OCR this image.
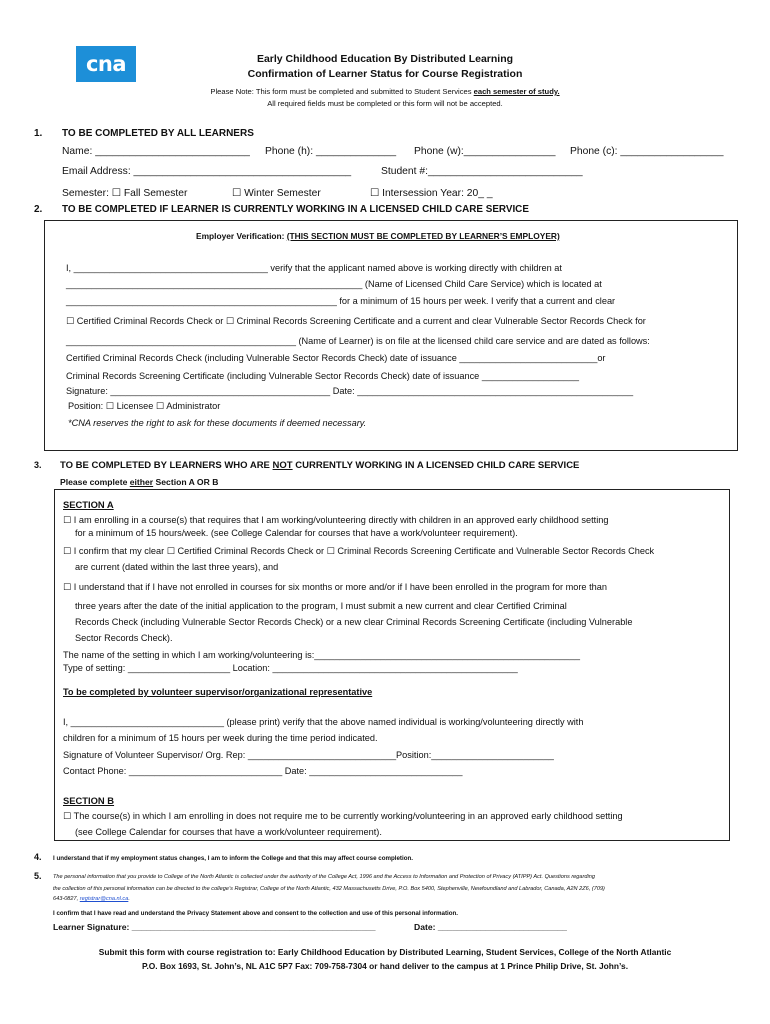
cna	Early Childhood Education By Distributed Learning
Confirmation of Learner Status for Course Registration
Please Note: This form must be completed and submitted to Student Services each semester of study.
All required fields must be completed or this form will not be accepted.
1. TO BE COMPLETED BY ALL LEARNERS
Name: ___________________________ Phone (h): ______________ Phone (w):________________ Phone (c): __________________
Email Address: ______________________________________	Student #:___________________________
Semester: ☐ Fall Semester	☐ Winter Semester	☐ Intersession Year: 20_ _
2. TO BE COMPLETED IF LEARNER IS CURRENTLY WORKING IN A LICENSED CHILD CARE SERVICE
Employer Verification: (THIS SECTION MUST BE COMPLETED BY LEARNER’S EMPLOYER)
I, ______________________________________ verify that the applicant named above is working directly with children at
__________________________________________________________ (Name of Licensed Child Care Service) which is located at
_____________________________________________________ for a minimum of 15 hours per week. I verify that a current and clear
☐ Certified Criminal Records Check or ☐ Criminal Records Screening Certificate and a current and clear Vulnerable Sector Records Check for
_____________________________________________ (Name of Learner) is on file at the licensed child care service and are dated as follows:
Certified Criminal Records Check (including Vulnerable Sector Records Check) date of issuance ___________________________or
Criminal Records Screening Certificate (including Vulnerable Sector Records Check) date of issuance ___________________
Signature: ___________________________________________ Date: ______________________________________________________
Position: ☐ Licensee ☐ Administrator
*CNA reserves the right to ask for these documents if deemed necessary.
3. TO BE COMPLETED BY LEARNERS WHO ARE NOT CURRENTLY WORKING IN A LICENSED CHILD CARE SERVICE
Please complete either Section A OR B
SECTION A
☐ I am enrolling in a course(s) that requires that I am working/volunteering directly with children in an approved early childhood setting
for a minimum of 15 hours/week. (see College Calendar for courses that have a work/volunteer requirement).
☐ I confirm that my clear ☐ Certified Criminal Records Check or ☐ Criminal Records Screening Certificate and Vulnerable Sector Records Check
are current (dated within the last three years), and
☐ I understand that if I have not enrolled in courses for six months or more and/or if I have been enrolled in the program for more than
three years after the date of the initial application to the program, I must submit a new current and clear Certified Criminal
Records Check (including Vulnerable Sector Records Check) or a new clear Criminal Records Screening Certificate (including Vulnerable
Sector Records Check).
The name of the setting in which I am working/volunteering is:____________________________________________________
Type of setting: ____________________ Location: ________________________________________________
To be completed by volunteer supervisor/organizational representative
I, ______________________________ (please print) verify that the above named individual is working/volunteering directly with
children for a minimum of 15 hours per week during the time period indicated.
Signature of Volunteer Supervisor/ Org. Rep: _____________________________Position:________________________
Contact Phone: ______________________________ Date: ______________________________
SECTION B
☐ The course(s) in which I am enrolling in does not require me to be currently working/volunteering in an approved early childhood setting
(see College Calendar for courses that have a work/volunteer requirement).
4. I understand that if my employment status changes, I am to inform the College and that this may affect course completion.
5. The personal information that you provide to College of the North Atlantic is collected under the authority of the College Act, 1996 and the Access to Information and Protection of Privacy (ATIPP) Act. Questions regarding
the collection of this personal information can be directed to the college’s Registrar, College of the North Atlantic, 432 Massachusetts Drive, P.O. Box 5400, Stephenville, Newfoundland and Labrador, Canada, A2N 2Z6, (709)
643-0827, registrar@cna.nl.ca.
I confirm that I have read and understand the Privacy Statement above and consent to the collection and use of this personal information.
Learner Signature: ___________________________________________________	Date: ___________________________
Submit this form with course registration to: Early Childhood Education by Distributed Learning, Student Services, College of the North Atlantic
P.O. Box 1693, St. John’s, NL A1C 5P7 Fax: 709-758-7304 or hand deliver to the campus at 1 Prince Philip Drive, St. John’s.
